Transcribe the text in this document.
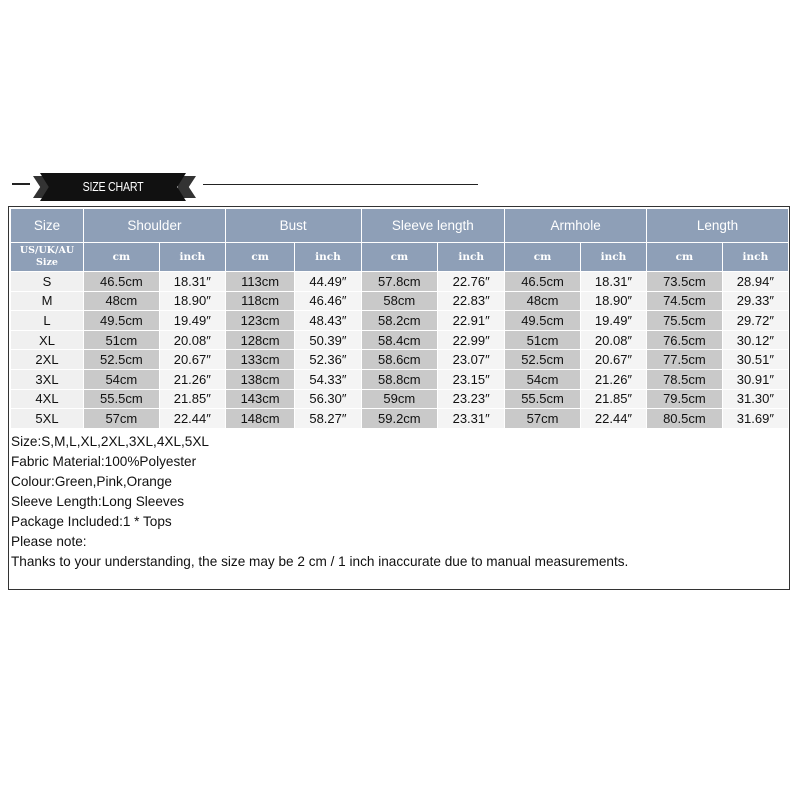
SIZE CHART
Size	Shoulder		Bust		Sleeve length		Armhole		Length	
US/UK/AU Size	cm	inch	cm	inch	cm	inch	cm	inch	cm	inch
S	46.5cm	18.31″	113cm	44.49″	57.8cm	22.76″	46.5cm	18.31″	73.5cm	28.94″
M	48cm	18.90″	118cm	46.46″	58cm	22.83″	48cm	18.90″	74.5cm	29.33″
L	49.5cm	19.49″	123cm	48.43″	58.2cm	22.91″	49.5cm	19.49″	75.5cm	29.72″
XL	51cm	20.08″	128cm	50.39″	58.4cm	22.99″	51cm	20.08″	76.5cm	30.12″
2XL	52.5cm	20.67″	133cm	52.36″	58.6cm	23.07″	52.5cm	20.67″	77.5cm	30.51″
3XL	54cm	21.26″	138cm	54.33″	58.8cm	23.15″	54cm	21.26″	78.5cm	30.91″
4XL	55.5cm	21.85″	143cm	56.30″	59cm	23.23″	55.5cm	21.85″	79.5cm	31.30″
5XL	57cm	22.44″	148cm	58.27″	59.2cm	23.31″	57cm	22.44″	80.5cm	31.69″
Size:S,M,L,XL,2XL,3XL,4XL,5XL
Fabric Material:100%Polyester
Colour:Green,Pink,Orange
Sleeve Length:Long Sleeves
Package Included:1 * Tops
Please note:
Thanks to your understanding, the size may be 2 cm / 1 inch inaccurate due to manual measurements.
